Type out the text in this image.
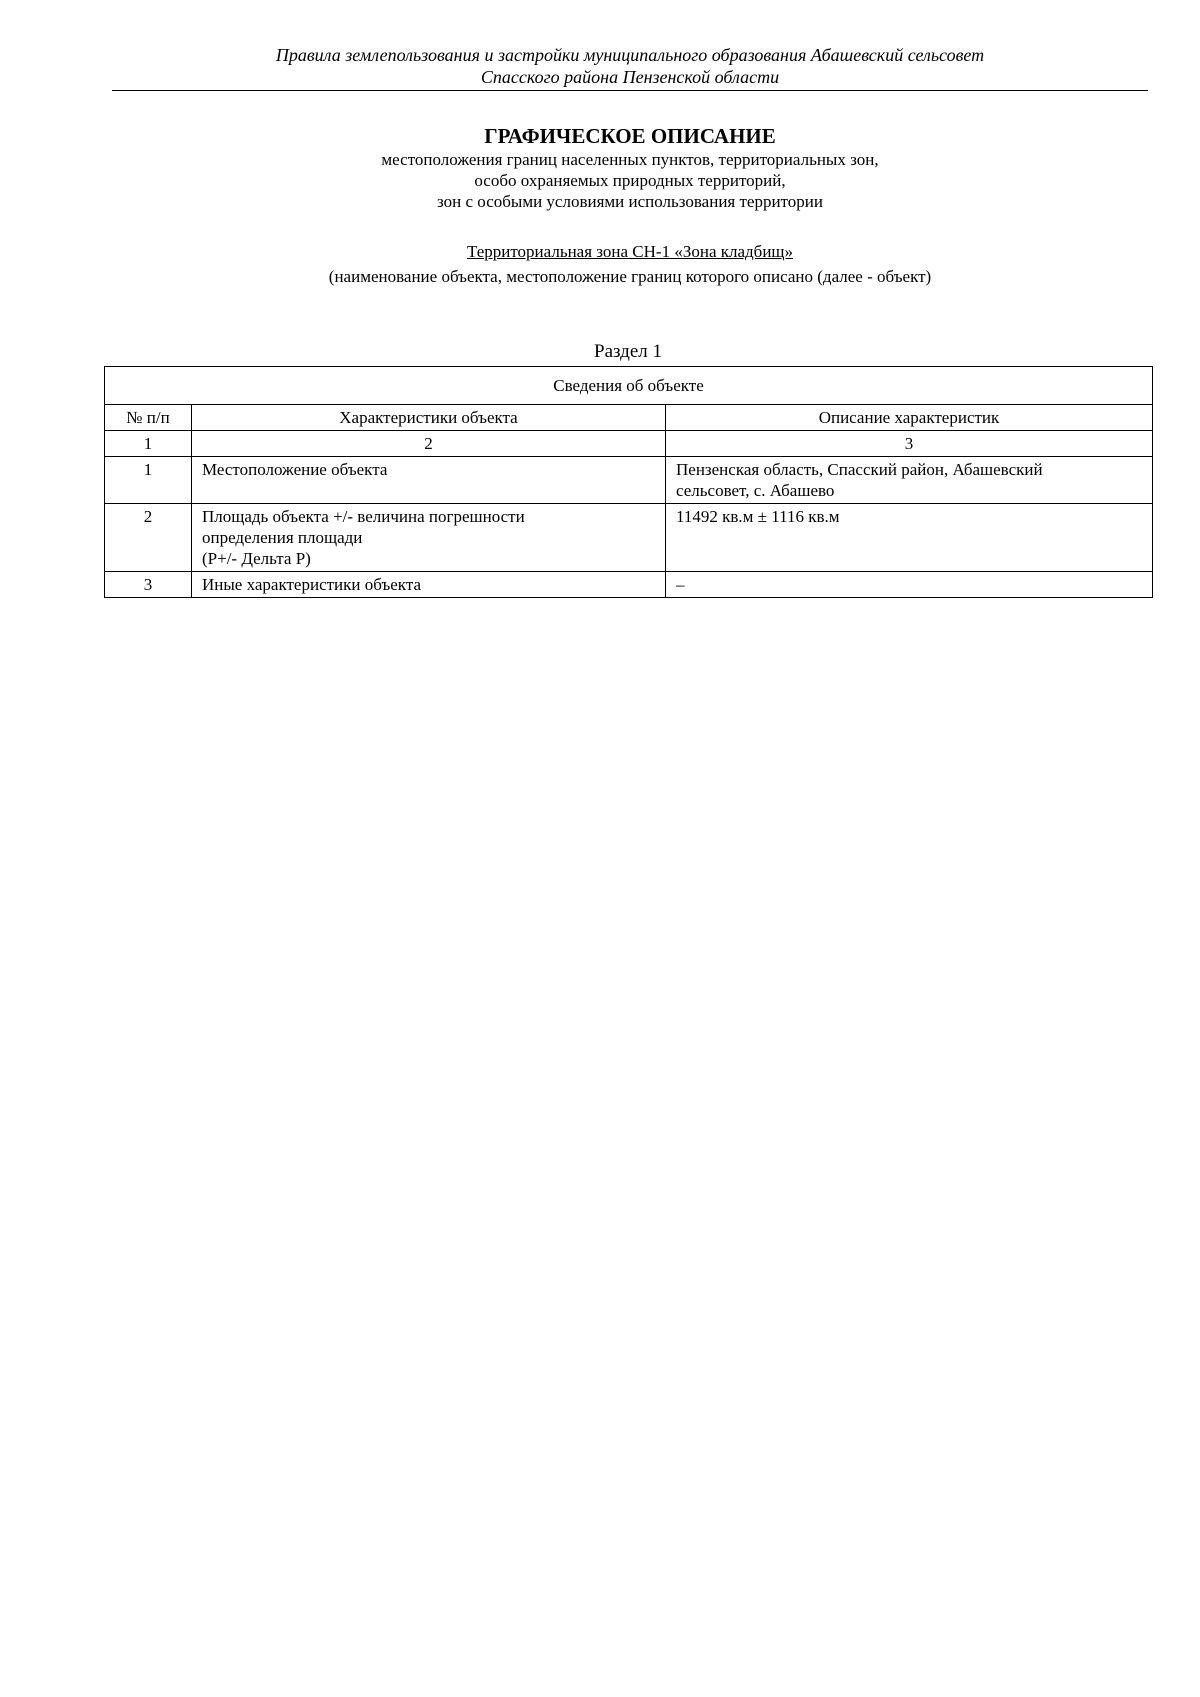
Правила землепользования и застройки муниципального образования Абашевский сельсовет
Спасского района Пензенской области

ГРАФИЧЕСКОЕ ОПИСАНИЕ

местоположения границ населенных пунктов, территориальных зон,

особо охраняемых природных территорий,

зон с особыми условиями использования территории

Территориальная зона СН-1 «Зона кладбищ»
(наименование объекта, местоположение границ которого описано (далее - объект)
Раздел 1
Сведения об объекте		
№ п/п	Характеристики объекта	Описание характеристик
1	2	3
1	Местоположение объекта	Пензенская область, Спасский район, Абашевский
сельсовет, с. Абашево

2	Площадь объекта +/- величина погрешности
определения площади
(P+/- Дельта P)	11492 кв.м ± 1116 кв.м

3	Иные характеристики объекта	–
